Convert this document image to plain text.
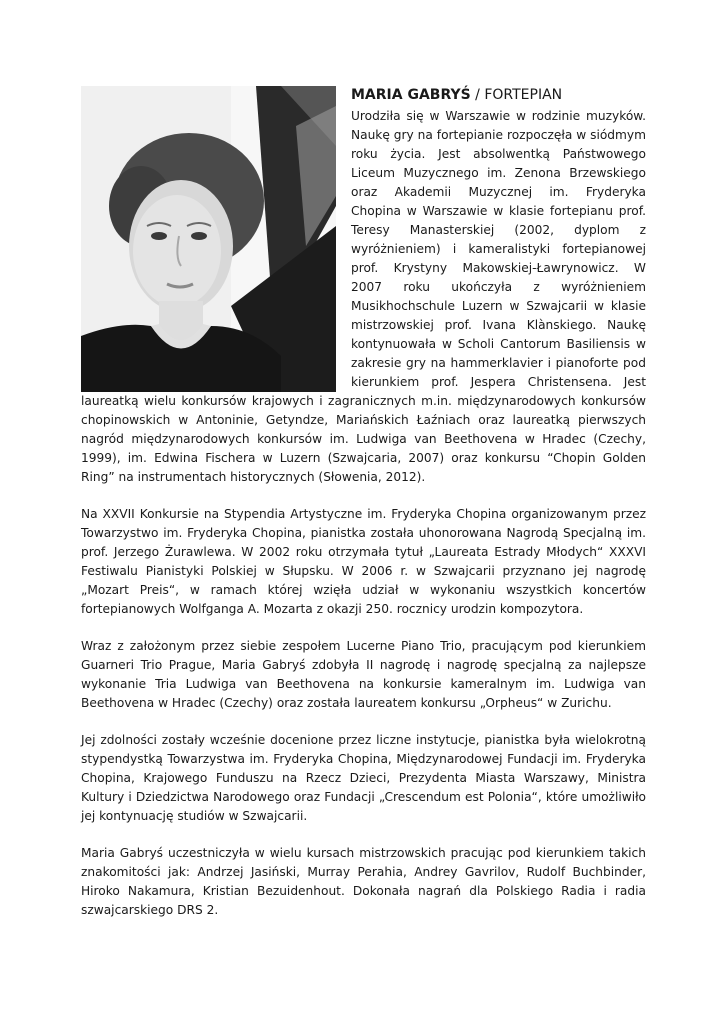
MARIA GABRYŚ / FORTEPIAN

Urodziła się w Warszawie w rodzinie muzyków. Naukę gry na fortepianie rozpoczęła w siódmym roku życia. Jest absolwentką Państwowego Liceum Muzycznego im. Zenona Brzewskiego oraz Akademii Muzycznej im. Fryderyka Chopina w Warszawie w klasie fortepianu prof. Teresy Manasterskiej (2002, dyplom z wyróżnieniem) i kameralistyki fortepianowej prof. Krystyny Makowskiej-Ławrynowicz. W 2007 roku ukończyła z wyróżnieniem Musikhochschule Luzern w Szwajcarii w klasie mistrzowskiej prof. Ivana Klànskiego. Naukę kontynuowała w Scholi Cantorum Basiliensis w zakresie gry na hammerklavier i pianoforte pod kierunkiem prof. Jespera Christensena. Jest laureatką wielu konkursów krajowych i zagranicznych m.in. międzynarodowych konkursów chopinowskich w Antoninie, Getyndze, Mariańskich Łaźniach oraz laureatką pierwszych nagród międzynarodowych konkursów im. Ludwiga van Beethovena w Hradec (Czechy, 1999), im. Edwina Fischera w Luzern (Szwajcaria, 2007) oraz konkursu “Chopin Golden Ring” na instrumentach historycznych (Słowenia, 2012).

Na XXVII Konkursie na Stypendia Artystyczne im. Fryderyka Chopina organizowanym przez Towarzystwo im. Fryderyka Chopina, pianistka została uhonorowana Nagrodą Specjalną im. prof. Jerzego Żurawlewa. W 2002 roku otrzymała tytuł „Laureata Estrady Młodych“ XXXVI Festiwalu Pianistyki Polskiej w Słupsku. W 2006 r. w Szwajcarii przyznano jej nagrodę „Mozart Preis“, w ramach której wzięła udział w wykonaniu wszystkich koncertów fortepianowych Wolfganga A. Mozarta z okazji 250. rocznicy urodzin kompozytora.

Wraz z założonym przez siebie zespołem Lucerne Piano Trio, pracującym pod kierunkiem Guarneri Trio Prague, Maria Gabryś zdobyła II nagrodę i nagrodę specjalną za najlepsze wykonanie Tria Ludwiga van Beethovena na konkursie kameralnym im. Ludwiga van Beethovena w Hradec (Czechy) oraz została laureatem konkursu „Orpheus“ w Zurichu.

Jej zdolności zostały wcześnie docenione przez liczne instytucje, pianistka była wielokrotną stypendystką Towarzystwa im. Fryderyka Chopina, Międzynarodowej Fundacji im. Fryderyka Chopina, Krajowego Funduszu na Rzecz Dzieci, Prezydenta Miasta Warszawy, Ministra Kultury i Dziedzictwa Narodowego oraz Fundacji „Crescendum est Polonia“, które umożliwiło jej kontynuację studiów w Szwajcarii.

Maria Gabryś uczestniczyła w wielu kursach mistrzowskich pracując pod kierunkiem takich znakomitości jak: Andrzej Jasiński, Murray Perahia, Andrey Gavrilov, Rudolf Buchbinder, Hiroko Nakamura, Kristian Bezuidenhout. Dokonała nagrań dla Polskiego Radia i radia szwajcarskiego DRS 2.
